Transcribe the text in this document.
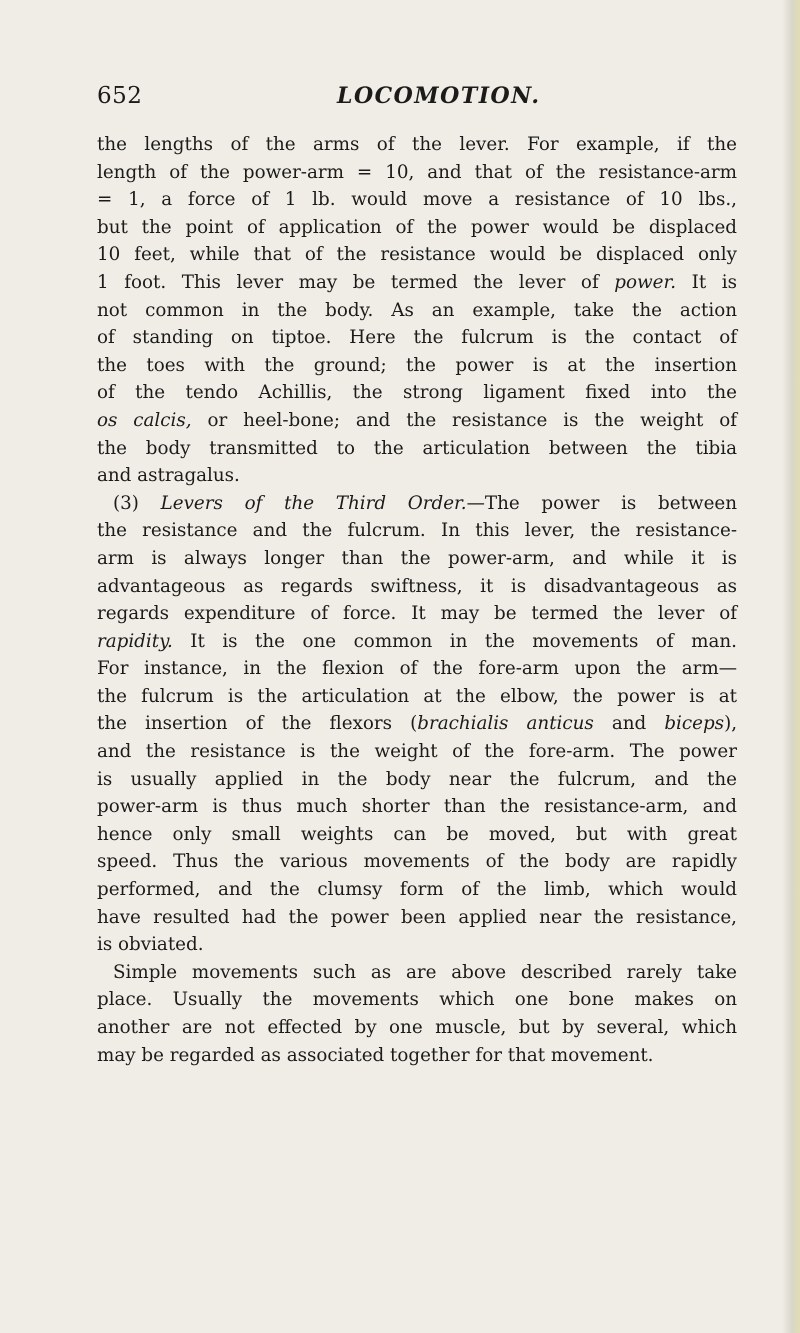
652	LOCOMOTION.
the lengths of the arms of the lever. For example, if the
length of the power-arm = 10, and that of the resistance-arm
= 1, a force of 1 lb. would move a resistance of 10 lbs.,
but the point of application of the power would be displaced
10 feet, while that of the resistance would be displaced only
1 foot. This lever may be termed the lever of power. It is
not common in the body. As an example, take the action
of standing on tiptoe. Here the fulcrum is the contact of
the toes with the ground; the power is at the insertion
of the tendo Achillis, the strong ligament fixed into the
os calcis, or heel-bone; and the resistance is the weight of
the body transmitted to the articulation between the tibia
and astragalus.
(3) Levers of the Third Order.—The power is between
the resistance and the fulcrum. In this lever, the resistance-
arm is always longer than the power-arm, and while it is
advantageous as regards swiftness, it is disadvantageous as
regards expenditure of force. It may be termed the lever of
rapidity. It is the one common in the movements of man.
For instance, in the flexion of the fore-arm upon the arm—
the fulcrum is the articulation at the elbow, the power is at
the insertion of the flexors (brachialis anticus and biceps),
and the resistance is the weight of the fore-arm. The power
is usually applied in the body near the fulcrum, and the
power-arm is thus much shorter than the resistance-arm, and
hence only small weights can be moved, but with great
speed. Thus the various movements of the body are rapidly
performed, and the clumsy form of the limb, which would
have resulted had the power been applied near the resistance,
is obviated.
Simple movements such as are above described rarely take
place. Usually the movements which one bone makes on
another are not effected by one muscle, but by several, which
may be regarded as associated together for that movement.
